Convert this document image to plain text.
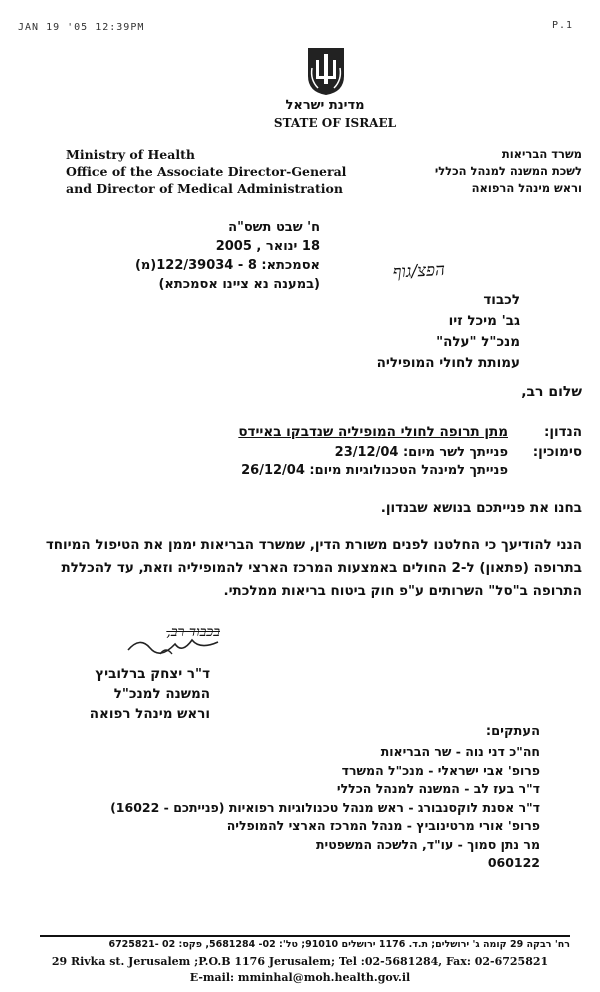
JAN 19 '05 12:39PM	P.1
מדינת ישראל
STATE OF ISRAEL
Ministry of Health
Office of the Associate Director-General
and Director of Medical Administration
משרד הבריאות
לשכת המשנה למנהל הכללי
וראש מינהל הרפואה
ח' שבט תשס"ה
18 ינואר , 2005
אסמכתא: 8 - 122/39034(מ)
(במענה נא ציינו אסמכתא)
הפצ/גוף
לכבוד
גב' מיכל זיו
מנכ"ל "עלה"
עמותת לחולי המופיליה
שלום רב,
הנדון:
מתן תרופה לחולי המופיליה שנדבקו באיידס
סימוכין:
פנייתך לשר מיום: 23/12/04
פנייתך למינהל הטכנולוגיות מיום: 26/12/04
בחנו את פנייתכם בנושא שבנדון.
הנני להודיעך כי החלטנו לפנים משורת הדין, שמשרד הבריאות יממן את הטיפול המיוחד בתרופה (פתאון) ל-2 החולים באמצעות המרכז הארצי להמופיליה וזאת, עד להכללת התרופה ב"סל" השרותים ע"פ חוק ביטוח בריאות ממלכתי.
בכבוד רב,
ד"ר יצחק ברלוביץ
המשנה למנכ"ל
וראש מינהל רפואה
העתקים:
חה"כ דני נוה - שר הבריאות
פרופ' אבי ישראלי - מנכ"ל המשרד
ד"ר בעז לב - המשנה למנהל הכללי
ד"ר אסנת לוקסנבורג - ראש מנהל טכנולוגיות רפואיות (פנייתכם - 16022)
פרופ' אורי מרטינוביץ - מנהל המרכז הארצי להמופליה
מר נתן סמוך - עו"ד, הלשכה המשפטית
060122
רח' רבקה 29 קומה ג' ירושלים; ת.ד. 1176 ירושלים 91010; טל': 02- 5681284, פקס: 02 -6725821
29 Rivka st. Jerusalem ;P.O.B 1176 Jerusalem; Tel :02-5681284, Fax: 02-6725821
E-mail: mminhal@moh.health.gov.il
